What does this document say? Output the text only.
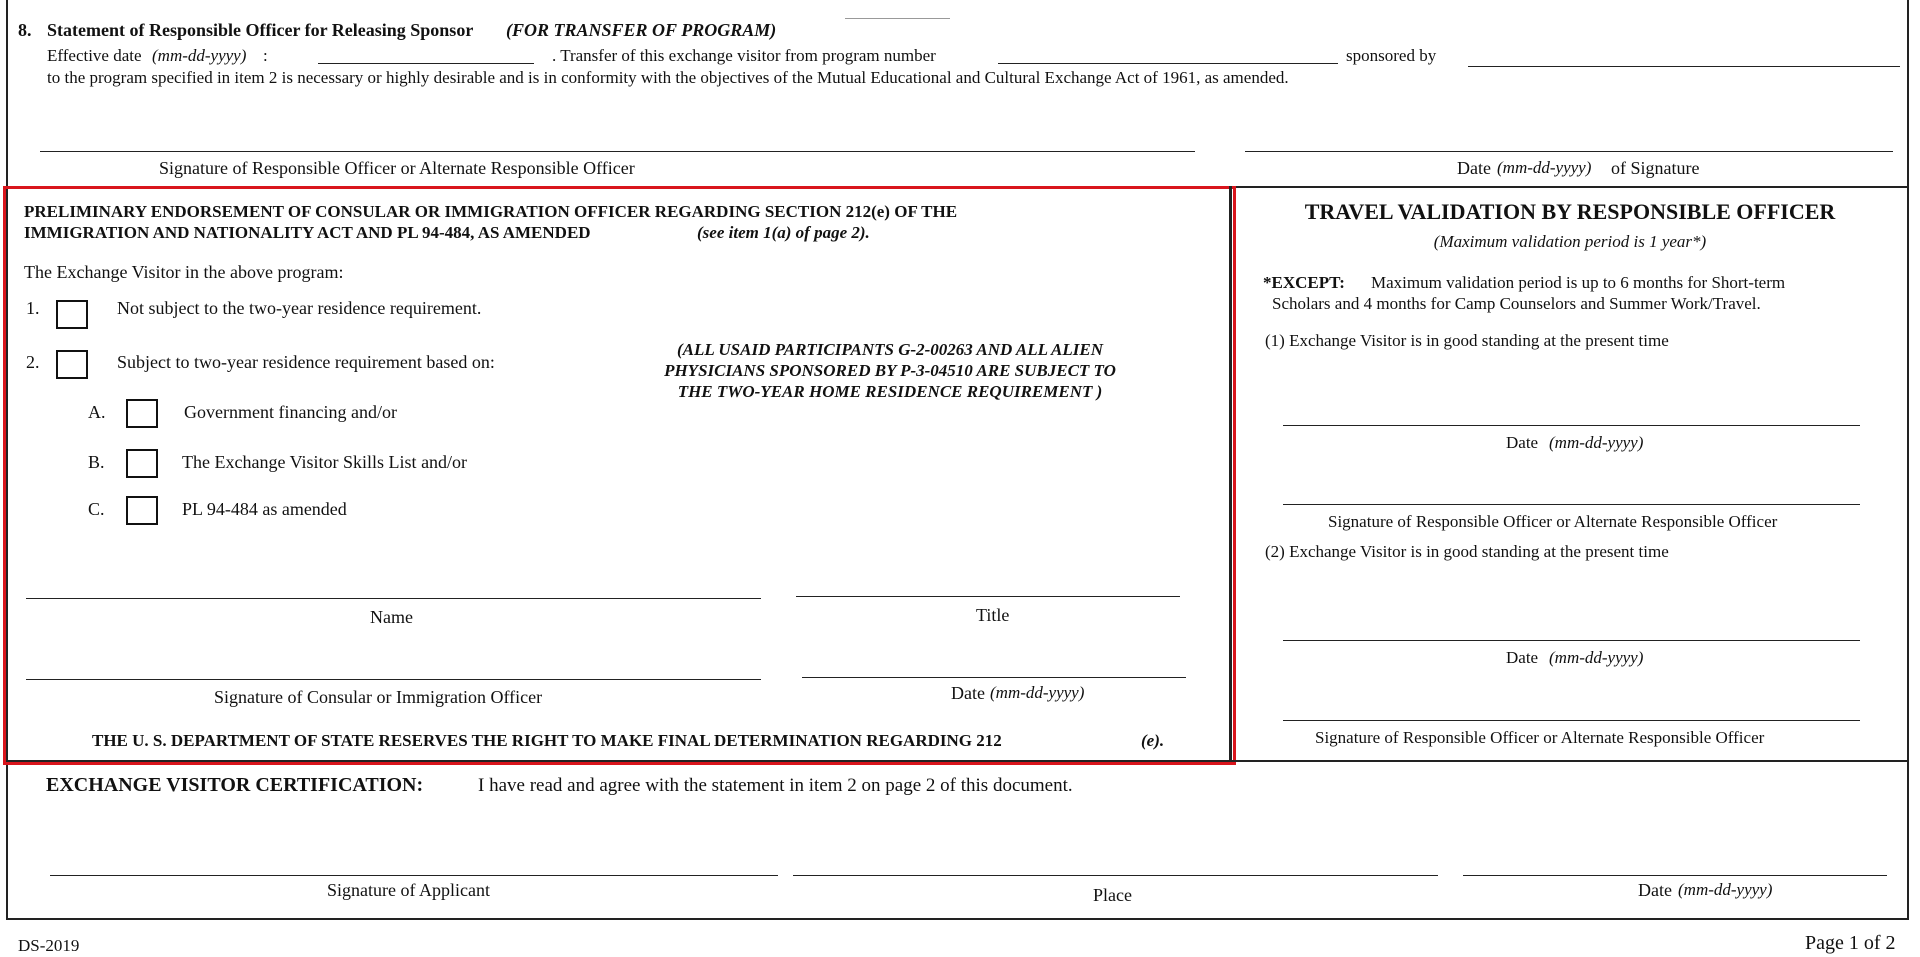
8. Statement of Responsible Officer for Releasing Sponsor (FOR TRANSFER OF PROGRAM)
Effective date (mm-dd-yyyy) :	. Transfer of this exchange visitor from program number	sponsored by
to the program specified in item 2 is necessary or highly desirable and is in conformity with the objectives of the Mutual Educational and Cultural Exchange Act of 1961, as amended.
Signature of Responsible Officer or Alternate Responsible Officer	Date (mm-dd-yyyy) of Signature
PRELIMINARY ENDORSEMENT OF CONSULAR OR IMMIGRATION OFFICER REGARDING SECTION 212(e) OF THE
IMMIGRATION AND NATIONALITY ACT AND PL 94-484, AS AMENDED	(see item 1(a) of page 2).
The Exchange Visitor in the above program:
1.	Not subject to the two-year residence requirement.
2.	Subject to two-year residence requirement based on:
A.	Government financing and/or
B.	The Exchange Visitor Skills List and/or
C.	PL 94-484 as amended
(ALL USAID PARTICIPANTS G-2-00263 AND ALL ALIEN
PHYSICIANS SPONSORED BY P-3-04510 ARE SUBJECT TO
THE TWO-YEAR HOME RESIDENCE REQUIREMENT )
Name	Title
Signature of Consular or Immigration Officer	Date (mm-dd-yyyy)
THE U. S. DEPARTMENT OF STATE RESERVES THE RIGHT TO MAKE FINAL DETERMINATION REGARDING 212	(e).
TRAVEL VALIDATION BY RESPONSIBLE OFFICER
(Maximum validation period is 1 year*)
*EXCEPT: Maximum validation period is up to 6 months for Short-term
Scholars and 4 months for Camp Counselors and Summer Work/Travel.
(1) Exchange Visitor is in good standing at the present time
Date (mm-dd-yyyy)
Signature of Responsible Officer or Alternate Responsible Officer
(2) Exchange Visitor is in good standing at the present time
Date (mm-dd-yyyy)
Signature of Responsible Officer or Alternate Responsible Officer
EXCHANGE VISITOR CERTIFICATION:	I have read and agree with the statement in item 2 on page 2 of this document.
Signature of Applicant	Place	Date (mm-dd-yyyy)
DS-2019	Page 1 of 2
